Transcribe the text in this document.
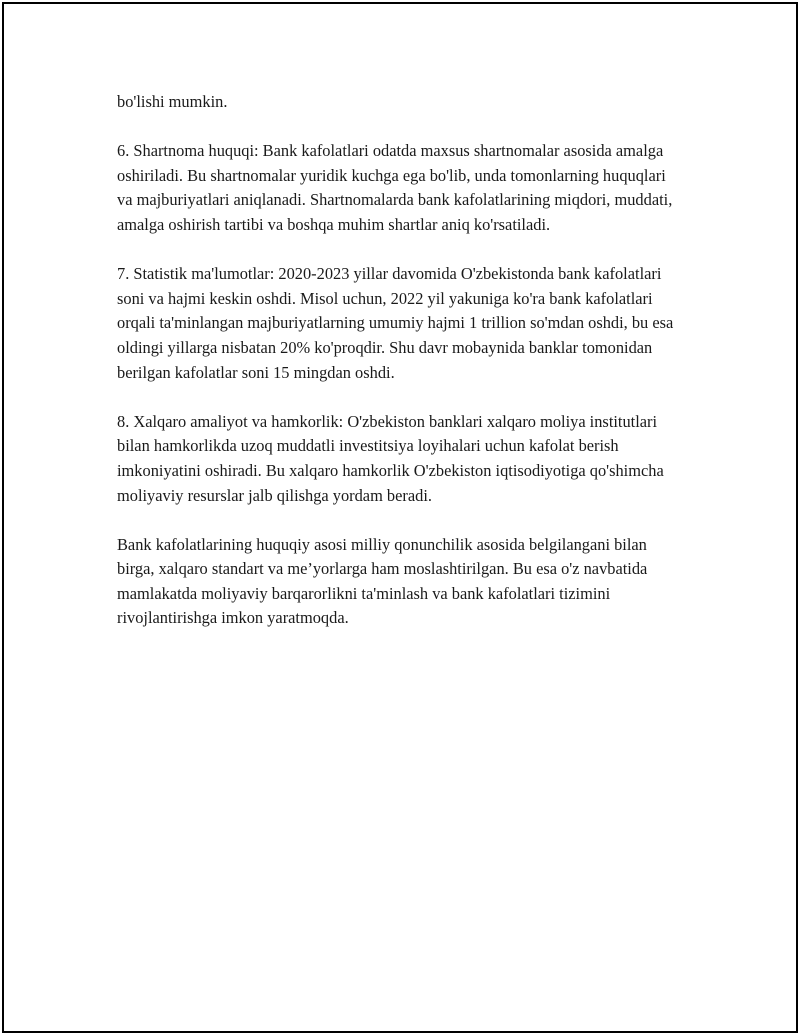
bo'lishi mumkin.

6. Shartnoma huquqi: Bank kafolatlari odatda maxsus shartnomalar asosida amalga oshiriladi. Bu shartnomalar yuridik kuchga ega bo'lib, unda tomonlarning huquqlari va majburiyatlari aniqlanadi. Shartnomalarda bank kafolatlarining miqdori, muddati, amalga oshirish tartibi va boshqa muhim shartlar aniq ko'rsatiladi.

7. Statistik ma'lumotlar: 2020-2023 yillar davomida O'zbekistonda bank kafolatlari soni va hajmi keskin oshdi. Misol uchun, 2022 yil yakuniga ko'ra bank kafolatlari orqali ta'minlangan majburiyatlarning umumiy hajmi 1 trillion so'mdan oshdi, bu esa oldingi yillarga nisbatan 20% ko'proqdir. Shu davr mobaynida banklar tomonidan berilgan kafolatlar soni 15 mingdan oshdi.

8. Xalqaro amaliyot va hamkorlik: O'zbekiston banklari xalqaro moliya institutlari bilan hamkorlikda uzoq muddatli investitsiya loyihalari uchun kafolat berish imkoniyatini oshiradi. Bu xalqaro hamkorlik O'zbekiston iqtisodiyotiga qo'shimcha moliyaviy resurslar jalb qilishga yordam beradi.

Bank kafolatlarining huquqiy asosi milliy qonunchilik asosida belgilangani bilan birga, xalqaro standart va me’yorlarga ham moslashtirilgan. Bu esa o'z navbatida mamlakatda moliyaviy barqarorlikni ta'minlash va bank kafolatlari tizimini rivojlantirishga imkon yaratmoqda.
